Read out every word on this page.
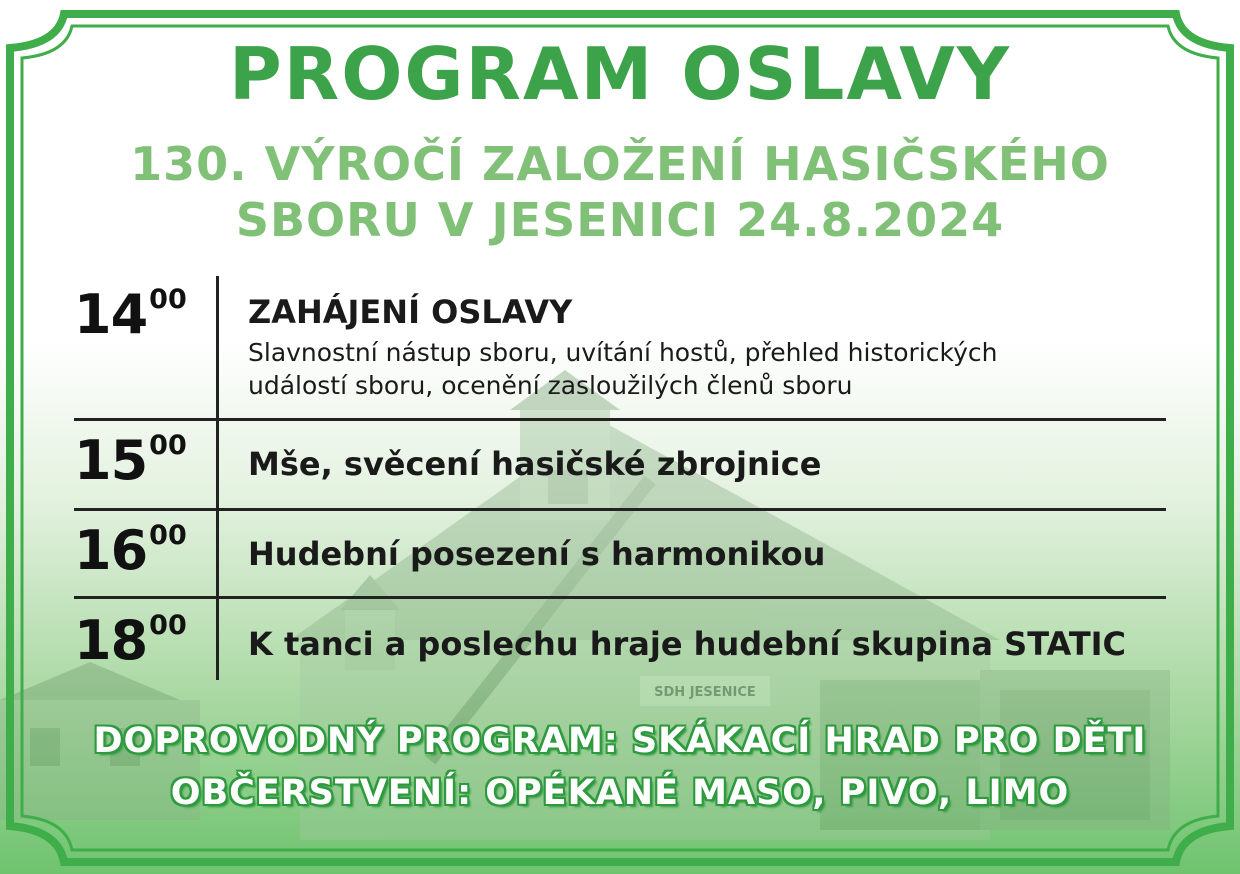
SDH JESENICE
PROGRAM OSLAVY
130. VÝROČÍ ZALOŽENÍ HASIČSKÉHO
SBORU V JESENICI 24.8.2024
$14^{00}$ ZAHÁJENÍ OSLAVY
Slavnostní nástup sboru, uvítání hostů, přehled historických
událostí sboru, ocenění zasloužilých členů sboru
$15^{00}$ Mše, svěcení hasičské zbrojnice
$16^{00}$ Hudební posezení s harmonikou
$18^{00}$ K tanci a poslechu hraje hudební skupina STATIC
DOPROVODNÝ PROGRAM: SKÁKACÍ HRAD PRO DĚTI
OBČERSTVENÍ: OPÉKANÉ MASO, PIVO, LIMO
